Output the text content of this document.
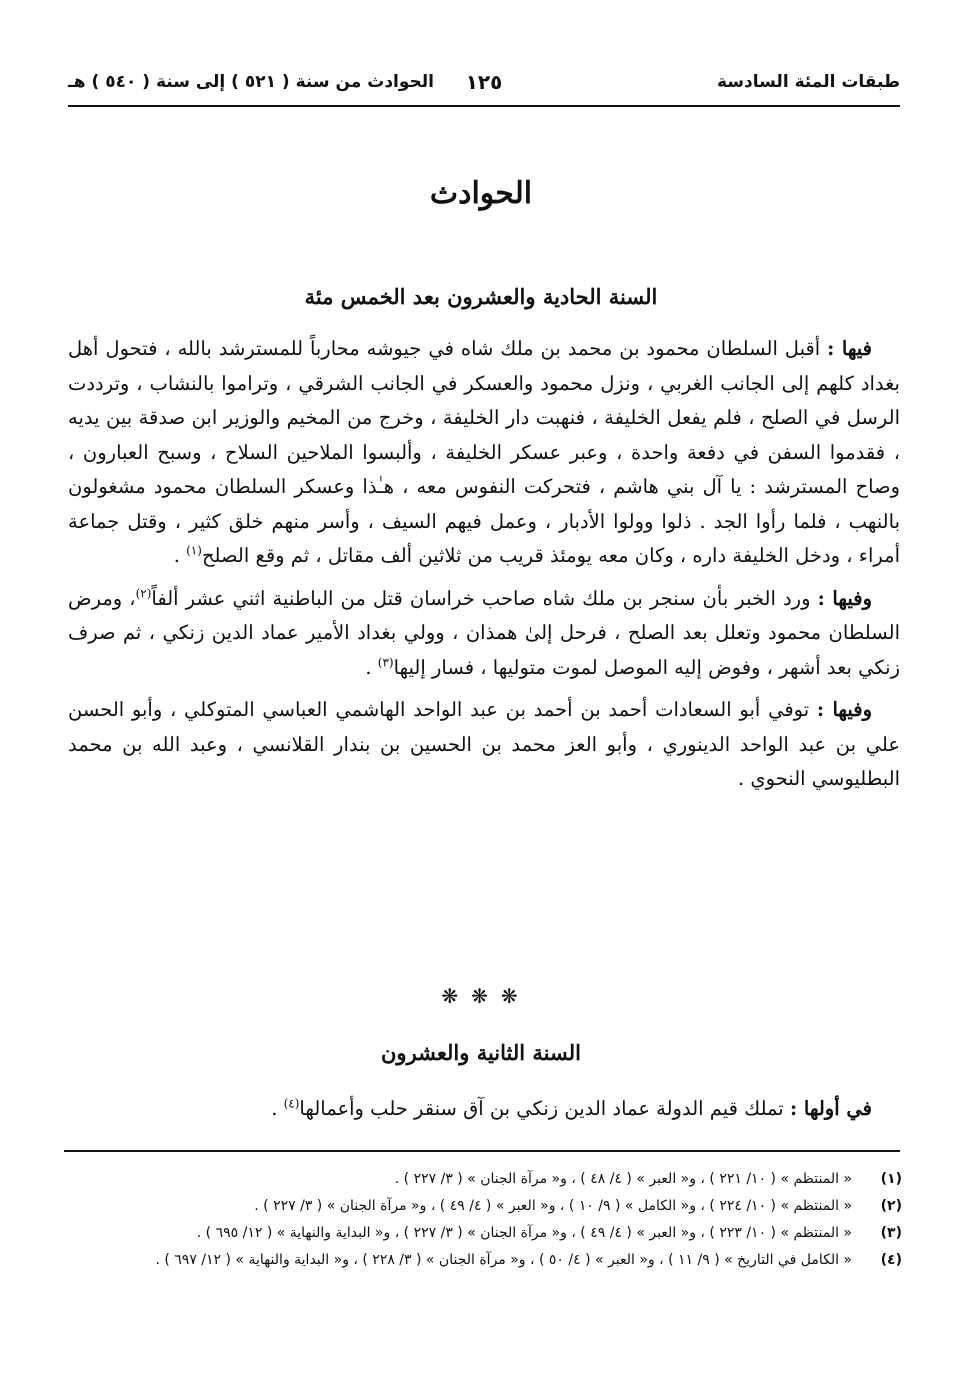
طبقات المئة السادسة
١٢٥
الحوادث من سنة ( ٥٢١ ) إلى سنة ( ٥٤٠ ) هـ
الحوادث
السنة الحادية والعشرون بعد الخمس مئة

فيها : أقبل السلطان محمود بن محمد بن ملك شاه في جيوشه محارباً للمسترشد بالله ، فتحول أهل بغداد كلهم إلى الجانب الغربي ، ونزل محمود والعسكر في الجانب الشرقي ، وتراموا بالنشاب ، وترددت الرسل في الصلح ، فلم يفعل الخليفة ، فنهبت دار الخليفة ، وخرج من المخيم والوزير ابن صدقة بين يديه ، فقدموا السفن في دفعة واحدة ، وعبر عسكر الخليفة ، وألبسوا الملاحين السلاح ، وسبح العبارون ، وصاح المسترشد : يا آل بني هاشم ، فتحركت النفوس معه ، هـٰذا وعسكر السلطان محمود مشغولون بالنهب ، فلما رأوا الجد . ذلوا وولوا الأدبار ، وعمل فيهم السيف ، وأسر منهم خلق كثير ، وقتل جماعة أمراء ، ودخل الخليفة داره ، وكان معه يومئذ قريب من ثلاثين ألف مقاتل ، ثم وقع الصلح$^{(١)}$ .

وفيها : ورد الخبر بأن سنجر بن ملك شاه صاحب خراسان قتل من الباطنية اثني عشر ألفاً$^{(٢)}$، ومرض السلطان محمود وتعلل بعد الصلح ، فرحل إلىٰ همذان ، وولي بغداد الأمير عماد الدين زنكي ، ثم صرف زنكي بعد أشهر ، وفوض إليه الموصل لموت متوليها ، فسار إليها$^{(٣)}$ .

وفيها : توفي أبو السعادات أحمد بن أحمد بن عبد الواحد الهاشمي العباسي المتوكلي ، وأبو الحسن علي بن عبد الواحد الدينوري ، وأبو العز محمد بن الحسين بن بندار القلانسي ، وعبد الله بن محمد البطليوسي النحوي .

❋ ❋ ❋
السنة الثانية والعشرون

في أولها : تملك قيم الدولة عماد الدين زنكي بن آق سنقر حلب وأعمالها$^{(٤)}$ .

(١)
« المنتظم » ( ١٠/ ٢٢١ ) ، و« العبر » ( ٤/ ٤٨ ) ، و« مرآة الجنان » ( ٣/ ٢٢٧ ) .
(٢)
« المنتظم » ( ١٠/ ٢٢٤ ) ، و« الكامل » ( ٩/ ١٠ ) ، و« العبر » ( ٤/ ٤٩ ) ، و« مرآة الجنان » ( ٣/ ٢٢٧ ) .
(٣)
« المنتظم » ( ١٠/ ٢٢٣ ) ، و« العبر » ( ٤/ ٤٩ ) ، و« مرآة الجنان » ( ٣/ ٢٢٧ ) ، و« البداية والنهاية » ( ١٢/ ٦٩٥ ) .
(٤)
« الكامل في التاريخ » ( ٩/ ١١ ) ، و« العبر » ( ٤/ ٥٠ ) ، و« مرآة الجنان » ( ٣/ ٢٢٨ ) ، و« البداية والنهاية » ( ١٢/ ٦٩٧ ) .
